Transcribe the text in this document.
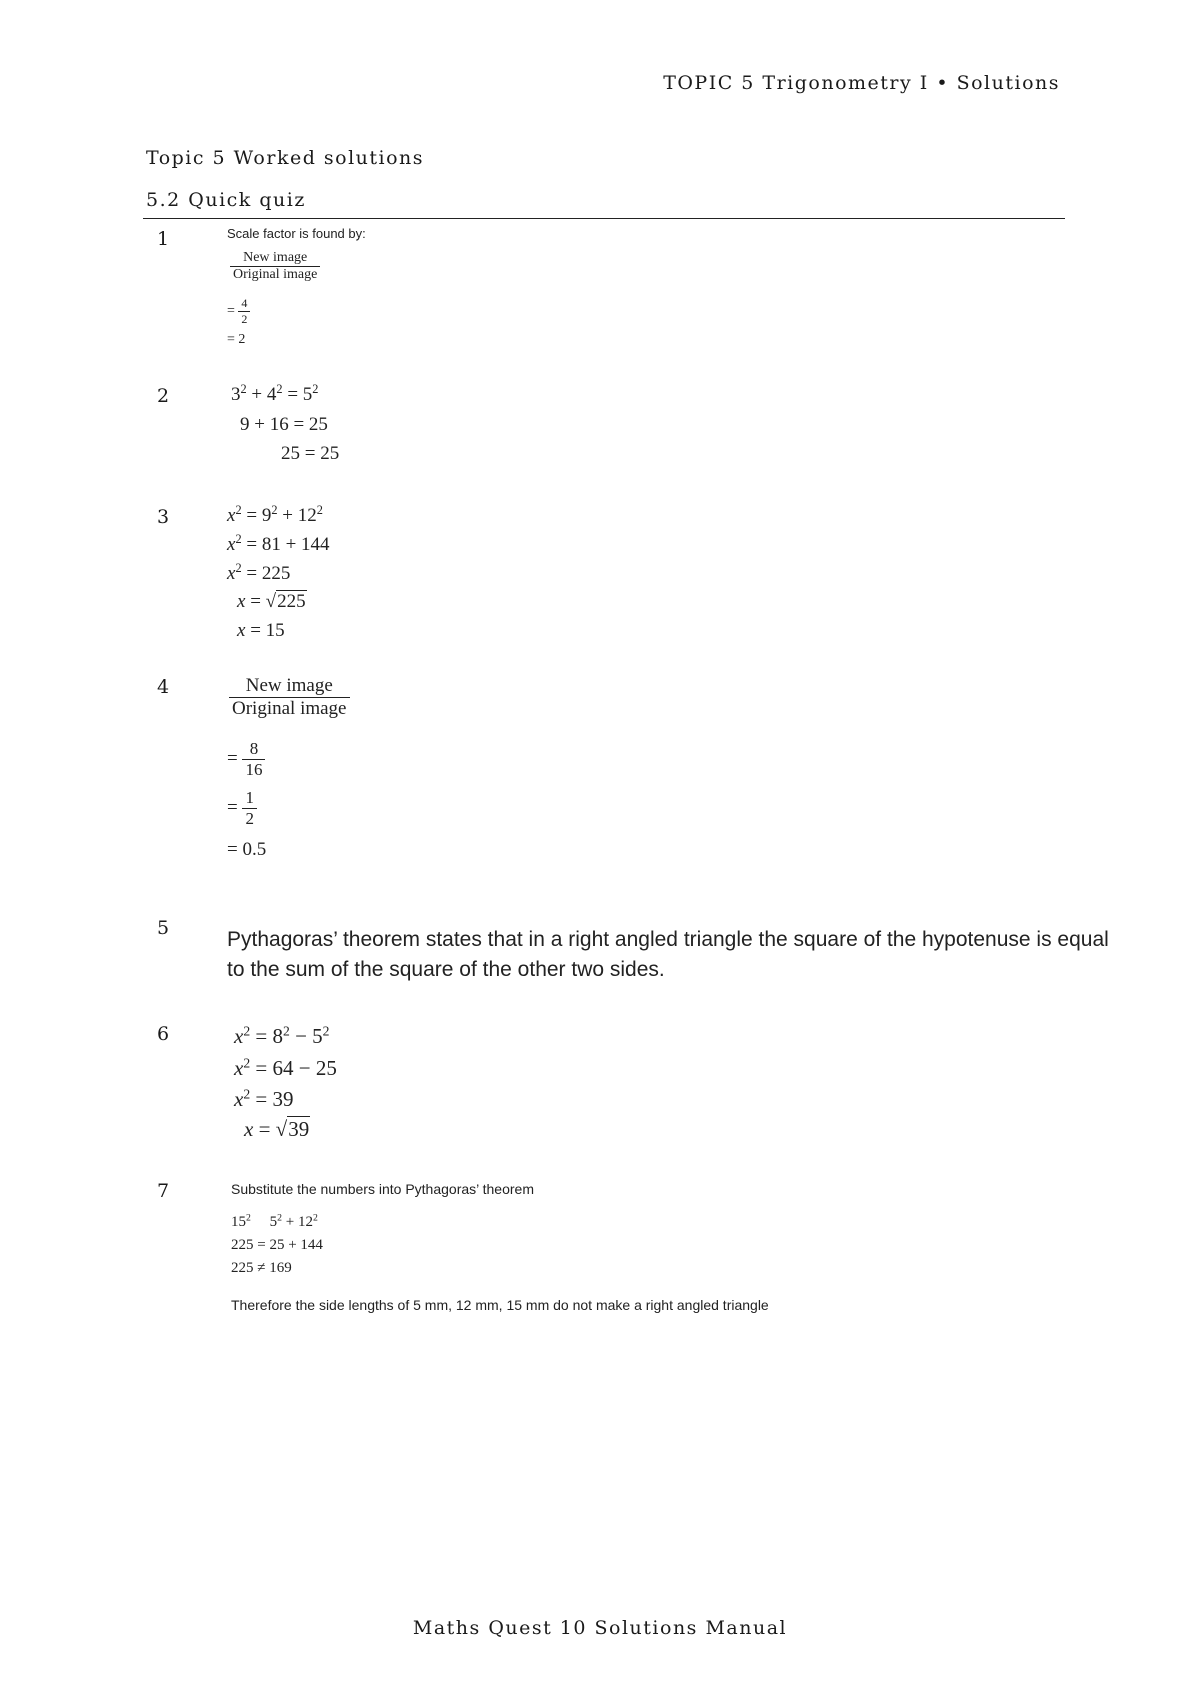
TOPIC 5 Trigonometry I • Solutions
Topic 5 Worked solutions
5.2 Quick quiz
1	Scale factor is found by:
$\frac{\text{New image}}{\text{Original image}}$
= $\frac{4}{2}$
= 2
2	$3^2 + 4^2 = 5^2$
9 + 16 = 25
25 = 25
3	$x^2 = 9^2 + 12^2$
$x^2 = 81 + 144$
$x^2 = 225$
x = √225
x = 15
4	$\frac{\text{New image}}{\text{Original image}}$
= $\frac{8}{16}$
= $\frac{1}{2}$
= 0.5
5	Pythagoras’ theorem states that in a right angled triangle the square of the hypotenuse is equal to the sum of the square of the other two sides.
6	$x^2 = 8^2 - 5^2$
$x^2 = 64 - 25$
$x^2 = 39$
x = √39
7	Substitute the numbers into Pythagoras’ theorem
$15^2$ $5^2 + 12^2$
225 = 25 + 144
225 ≠ 169
Therefore the side lengths of 5 mm, 12 mm, 15 mm do not make a right angled triangle
Maths Quest 10 Solutions Manual
